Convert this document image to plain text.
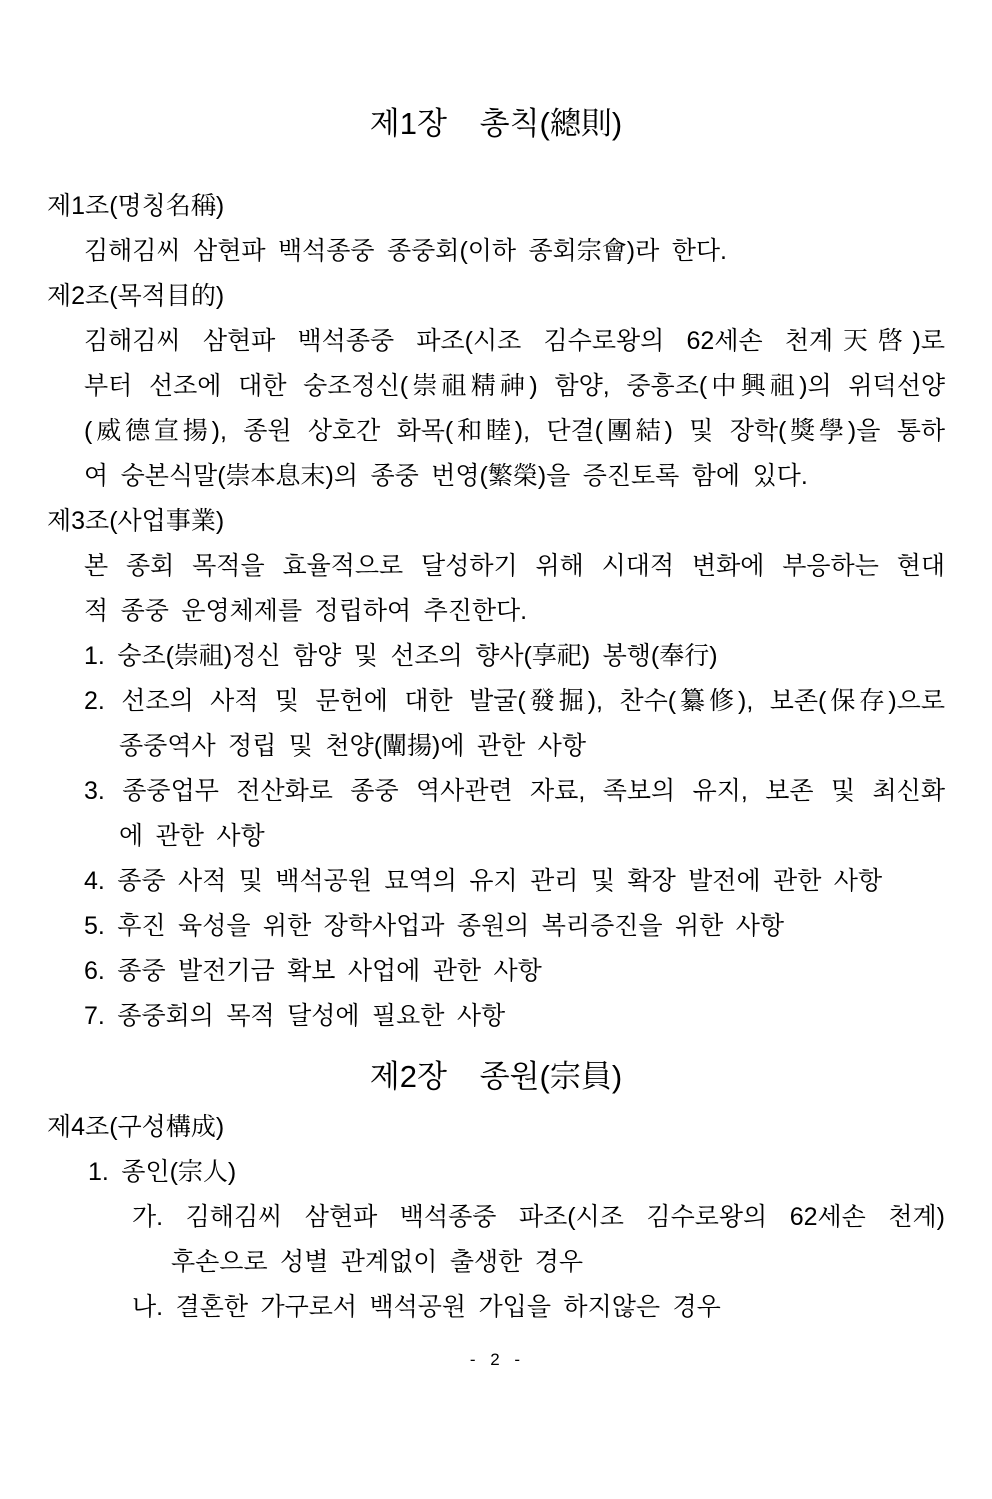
제1장  총칙(總則)
제1조(명칭名稱)
김해김씨 삼현파 백석종중 종중회(이하 종회宗會)라 한다.
제2조(목적目的)
김해김씨 삼현파 백석종중 파조(시조 김수로왕의 62세손 천계天啓)로
부터 선조에 대한 숭조정신(崇祖精神) 함양, 중흥조(中興祖)의 위덕선양
(威德宣揚), 종원 상호간 화목(和睦), 단결(團結) 및 장학(獎學)을 통하
여 숭본식말(崇本息末)의 종중 번영(繁榮)을 증진토록 함에 있다.
제3조(사업事業)
본 종회 목적을 효율적으로 달성하기 위해 시대적 변화에 부응하는 현대
적 종중 운영체제를 정립하여 추진한다.
1. 숭조(崇祖)정신 함양 및 선조의 향사(享祀) 봉행(奉行)
2. 선조의 사적 및 문헌에 대한 발굴(發掘), 찬수(纂修), 보존(保存)으로
종중역사 정립 및 천양(闡揚)에 관한 사항
3. 종중업무 전산화로 종중 역사관련 자료, 족보의 유지, 보존 및 최신화
에 관한 사항
4. 종중 사적 및 백석공원 묘역의 유지 관리 및 확장 발전에 관한 사항
5. 후진 육성을 위한 장학사업과 종원의 복리증진을 위한 사항
6. 종중 발전기금 확보 사업에 관한 사항
7. 종중회의 목적 달성에 필요한 사항
제2장  종원(宗員)
제4조(구성構成)
1. 종인(宗人)
가. 김해김씨 삼현파 백석종중 파조(시조 김수로왕의 62세손 천계)
후손으로 성별 관계없이 출생한 경우
나. 결혼한 가구로서 백석공원 가입을 하지않은 경우
- 2 -
